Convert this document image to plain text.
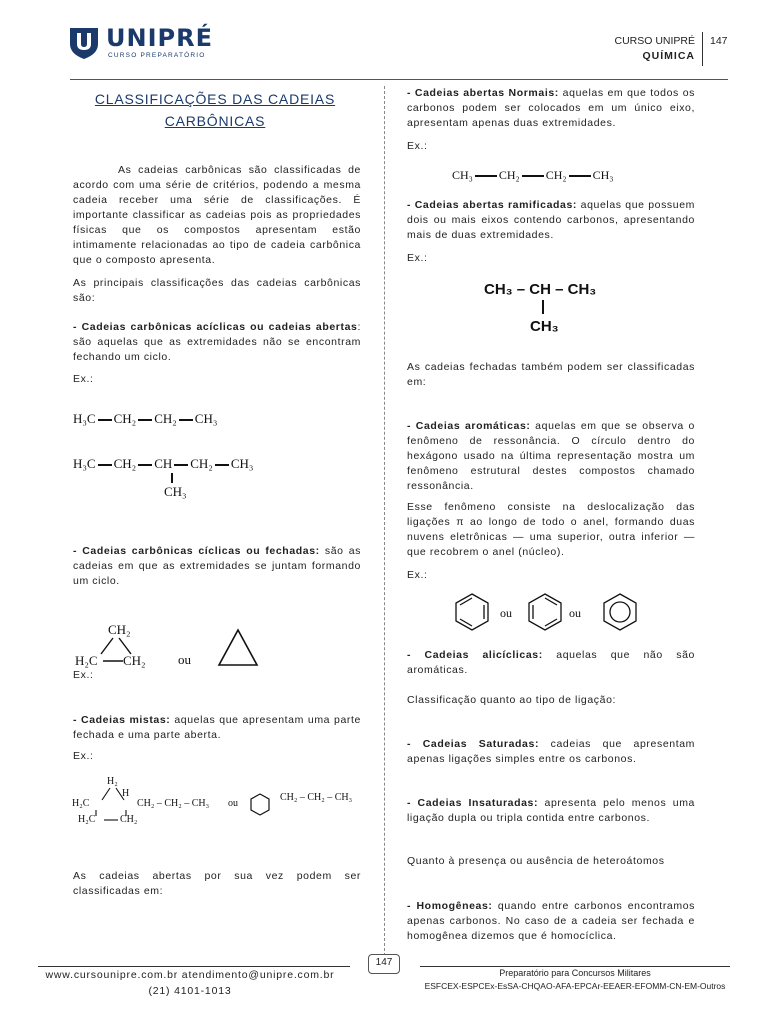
UNIPRÉ
CURSO PREPARATÓRIO
CURSO UNIPRÉ
QUÍMICA
147
CLASSIFICAÇÕES DAS CADEIAS
CARBÔNICAS
As cadeias carbônicas são classificadas de acordo com uma série de critérios, podendo a mesma cadeia receber uma série de classificações. É importante classificar as cadeias pois as propriedades físicas que os compostos apresentam estão intimamente relacionadas ao tipo de cadeia carbônica que o composto apresenta.
As principais classificações das cadeias carbônicas são:
- Cadeias carbônicas acíclicas ou cadeias abertas: são aquelas que as extremidades não se encontram fechando um ciclo.
Ex.:
H₃C CH₂ CH₂ CH₃
H₃C CH₂ CH CH₂ CH₃
CH₃
- Cadeias carbônicas cíclicas ou fechadas: são as cadeias em que as extremidades se juntam formando um ciclo.
CH₂
H₂C CH₂ ou
Ex.:
- Cadeias mistas: aquelas que apresentam uma parte fechada e uma parte aberta.
Ex.:
H₂
H
H₂C	CH₂ – CH₂ – CH₃
H₂C CH₂
ou
CH₂ – CH₂ – CH₃
As cadeias abertas por sua vez podem ser classificadas em:
- Cadeias abertas Normais: aquelas em que todos os carbonos podem ser colocados em um único eixo, apresentam apenas duas extremidades.
Ex.:
CH₃ CH₂ CH₂ CH₃
- Cadeias abertas ramificadas: aquelas que possuem dois ou mais eixos contendo carbonos, apresentando mais de duas extremidades.
Ex.:
CH₃ – CH – CH₃
CH₃
As cadeias fechadas também podem ser classificadas em:
- Cadeias aromáticas: aquelas em que se observa o fenômeno de ressonância. O círculo dentro do hexágono usado na última representação mostra um fenômeno estrutural destes compostos chamado ressonância.
Esse fenômeno consiste na deslocalização das ligações π ao longo de todo o anel, formando duas nuvens eletrônicas — uma superior, outra inferior — que recobrem o anel (núcleo).
Ex.:
ou	ou
- Cadeias alicíclicas: aquelas que não são aromáticas.
Classificação quanto ao tipo de ligação:
- Cadeias Saturadas: cadeias que apresentam apenas ligações simples entre os carbonos.
- Cadeias Insaturadas: apresenta pelo menos uma ligação dupla ou tripla contida entre carbonos.
Quanto à presença ou ausência de heteroátomos
- Homogêneas: quando entre carbonos encontramos apenas carbonos. No caso de a cadeia ser fechada e homogênea dizemos que é homocíclica.
147
www.cursounipre.com.br atendimento@unipre.com.br
(21) 4101-1013
Preparatório para Concursos Militares
ESFCEX-ESPCEx-EsSA-CHQAO-AFA-EPCAr-EEAER-EFOMM-CN-EM-Outros
